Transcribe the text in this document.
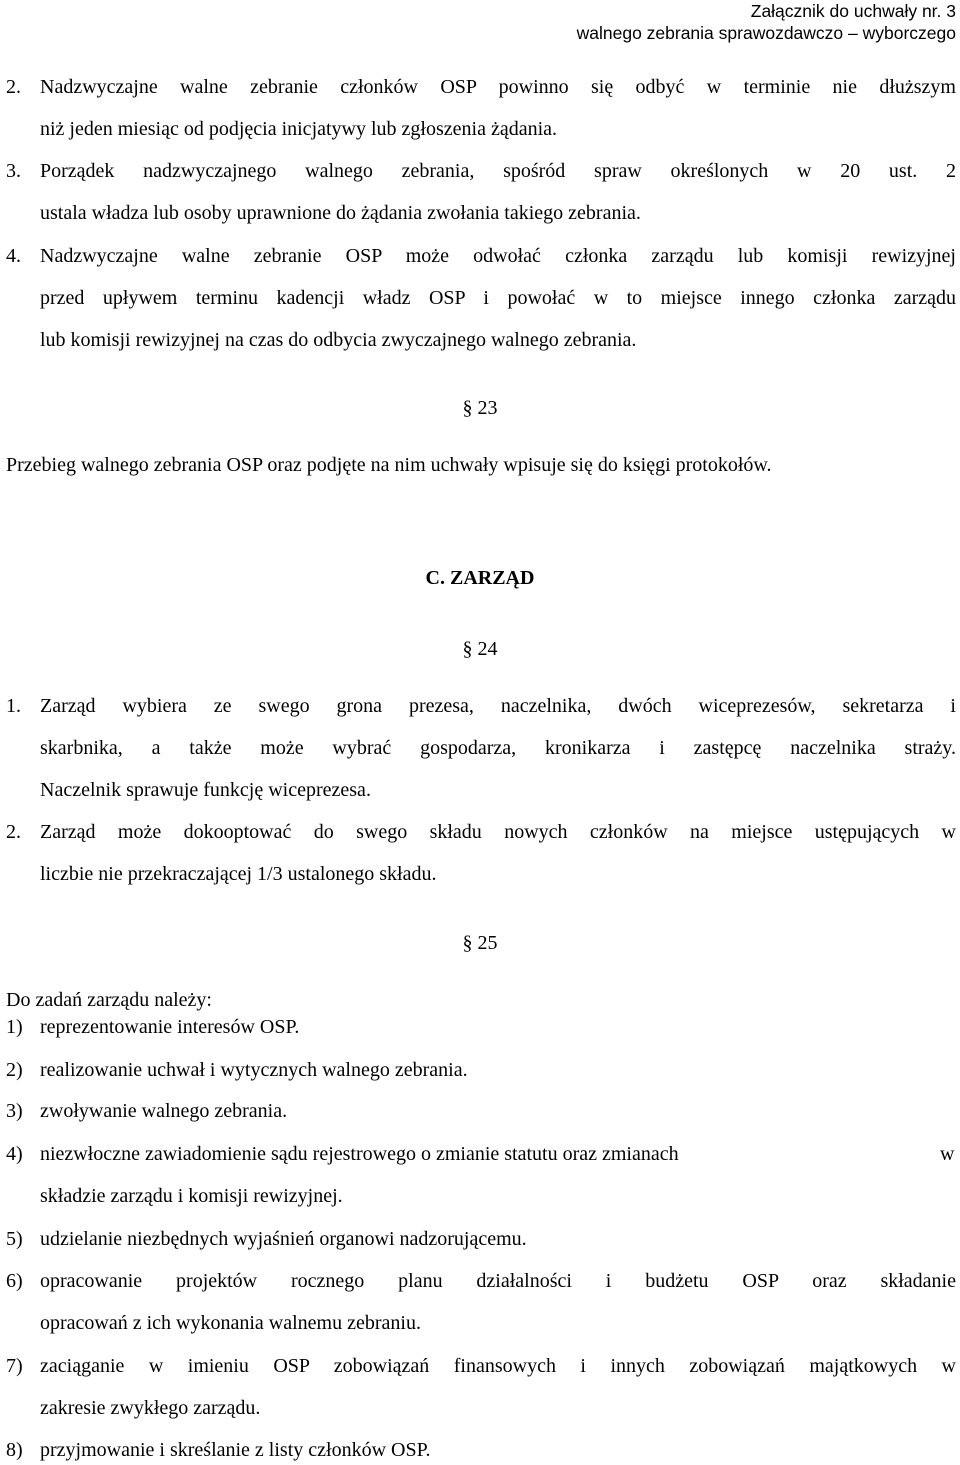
Załącznik do uchwały nr. 3
walnego zebrania sprawozdawczo – wyborczego
2. Nadzwyczajne walne zebranie członków OSP powinno się odbyć w terminie nie dłuższym
niż jeden miesiąc od podjęcia inicjatywy lub zgłoszenia żądania.
3. Porządek nadzwyczajnego walnego zebrania, spośród spraw określonych w 20 ust. 2
ustala władza lub osoby uprawnione do żądania zwołania takiego zebrania.
4. Nadzwyczajne walne zebranie OSP może odwołać członka zarządu lub komisji rewizyjnej
przed upływem terminu kadencji władz OSP i powołać w to miejsce innego członka zarządu
lub komisji rewizyjnej na czas do odbycia zwyczajnego walnego zebrania.
§ 23
Przebieg walnego zebrania OSP oraz podjęte na nim uchwały wpisuje się do księgi protokołów.
C. ZARZĄD
§ 24
1. Zarząd wybiera ze swego grona prezesa, naczelnika, dwóch wiceprezesów, sekretarza i
skarbnika, a także może wybrać gospodarza, kronikarza i zastępcę naczelnika straży.
Naczelnik sprawuje funkcję wiceprezesa.
2. Zarząd może dokooptować do swego składu nowych członków na miejsce ustępujących w
liczbie nie przekraczającej 1/3 ustalonego składu.
§ 25
Do zadań zarządu należy:
1) reprezentowanie interesów OSP.
2) realizowanie uchwał i wytycznych walnego zebrania.
3) zwoływanie walnego zebrania.
4) niezwłoczne zawiadomienie sądu rejestrowego o zmianie statutu oraz zmianach	w
składzie zarządu i komisji rewizyjnej.
5) udzielanie niezbędnych wyjaśnień organowi nadzorującemu.
6) opracowanie projektów rocznego planu działalności i budżetu OSP oraz składanie
opracowań z ich wykonania walnemu zebraniu.
7) zaciąganie w imieniu OSP zobowiązań finansowych i innych zobowiązań majątkowych w
zakresie zwykłego zarządu.
8) przyjmowanie i skreślanie z listy członków OSP.
